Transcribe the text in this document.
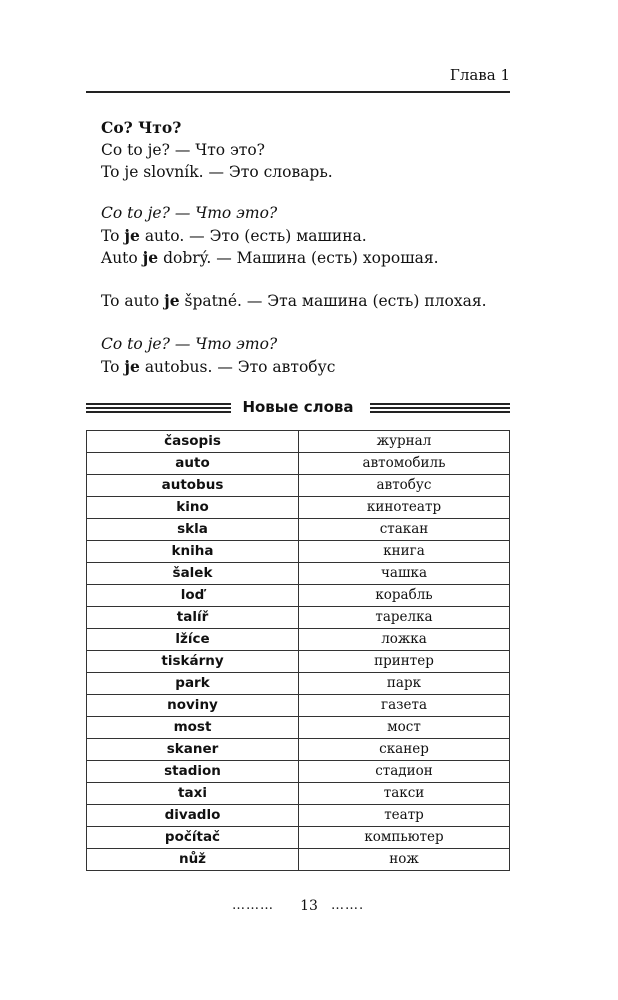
Глава 1
Co? Что?
Co to je? — Что это?
To je slovník. — Это словарь.
Co to je? — Что это?
To je auto. — Это (есть) машина.
Auto je dobrý. — Машина (есть) хорошая.
To auto je špatné. — Эта машина (есть) плохая.
Co to je? — Что это?
To je autobus. — Это автобус
Новые слова
časopis	журнал
auto	автомобиль
autobus	автобус
kino	кинотеатр
skla	стакан
kniha	книга
šalek	чашка
loď	корабль
talíř	тарелка
lžíce	ложка
tiskárny	принтер
park	парк
noviny	газета
most	мост
skaner	сканер
stadion	стадион
taxi	такси
divadlo	театр
počítač	компьютер
nůž	нож
………	13	…….
